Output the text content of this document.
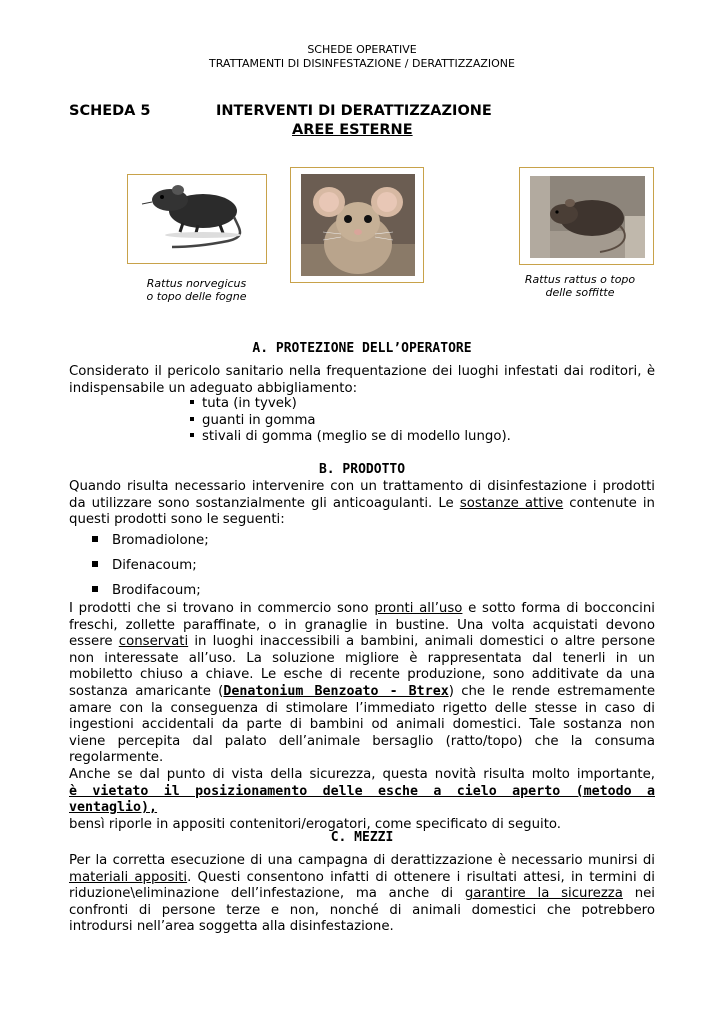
SCHEDE OPERATIVE
TRATTAMENTI DI DISINFESTAZIONE / DERATTIZZAZIONE
SCHEDA 5	INTERVENTI DI DERATTIZZAZIONE
AREE ESTERNE
Rattus norvegicus
o topo delle fogne
Rattus rattus o topo
delle soffitte
A. PROTEZIONE DELL’OPERATORE
Considerato il pericolo sanitario nella frequentazione dei luoghi infestati dai roditori, è
indispensabile un adeguato abbigliamento:
tuta (in tyvek)
guanti in gomma
stivali di gomma (meglio se di modello lungo).
B. PRODOTTO
Quando risulta necessario intervenire con un trattamento di disinfestazione i prodotti
da utilizzare sono sostanzialmente gli anticoagulanti. Le sostanze attive contenute in
questi prodotti sono le seguenti:
Bromadiolone;
Difenacoum;
Brodifacoum;
I prodotti che si trovano in commercio sono pronti all’uso e sotto forma di bocconcini
freschi, zollette paraffinate, o in granaglie in bustine. Una volta acquistati devono
essere conservati in luoghi inaccessibili a bambini, animali domestici o altre persone
non interessate all’uso. La soluzione migliore è rappresentata dal tenerli in un
mobiletto chiuso a chiave. Le esche di recente produzione, sono additivate da una
sostanza amaricante (Denatonium Benzoato - Btrex) che le rende estremamente
amare con la conseguenza di stimolare l’immediato rigetto delle stesse in caso di
ingestioni accidentali da parte di bambini od animali domestici. Tale sostanza non
viene percepita dal palato dell’animale bersaglio (ratto/topo) che la consuma
regolarmente.
Anche se dal punto di vista della sicurezza, questa novità risulta molto importante,
è vietato il posizionamento delle esche a cielo aperto (metodo a ventaglio),
bensì riporle in appositi contenitori/erogatori, come specificato di seguito.
C. MEZZI
Per la corretta esecuzione di una campagna di derattizzazione è necessario munirsi di
materiali appositi. Questi consentono infatti di ottenere i risultati attesi, in termini di
riduzione\eliminazione dell’infestazione, ma anche di garantire la sicurezza nei
confronti di persone terze e non, nonché di animali domestici che potrebbero
introdursi nell’area soggetta alla disinfestazione.
